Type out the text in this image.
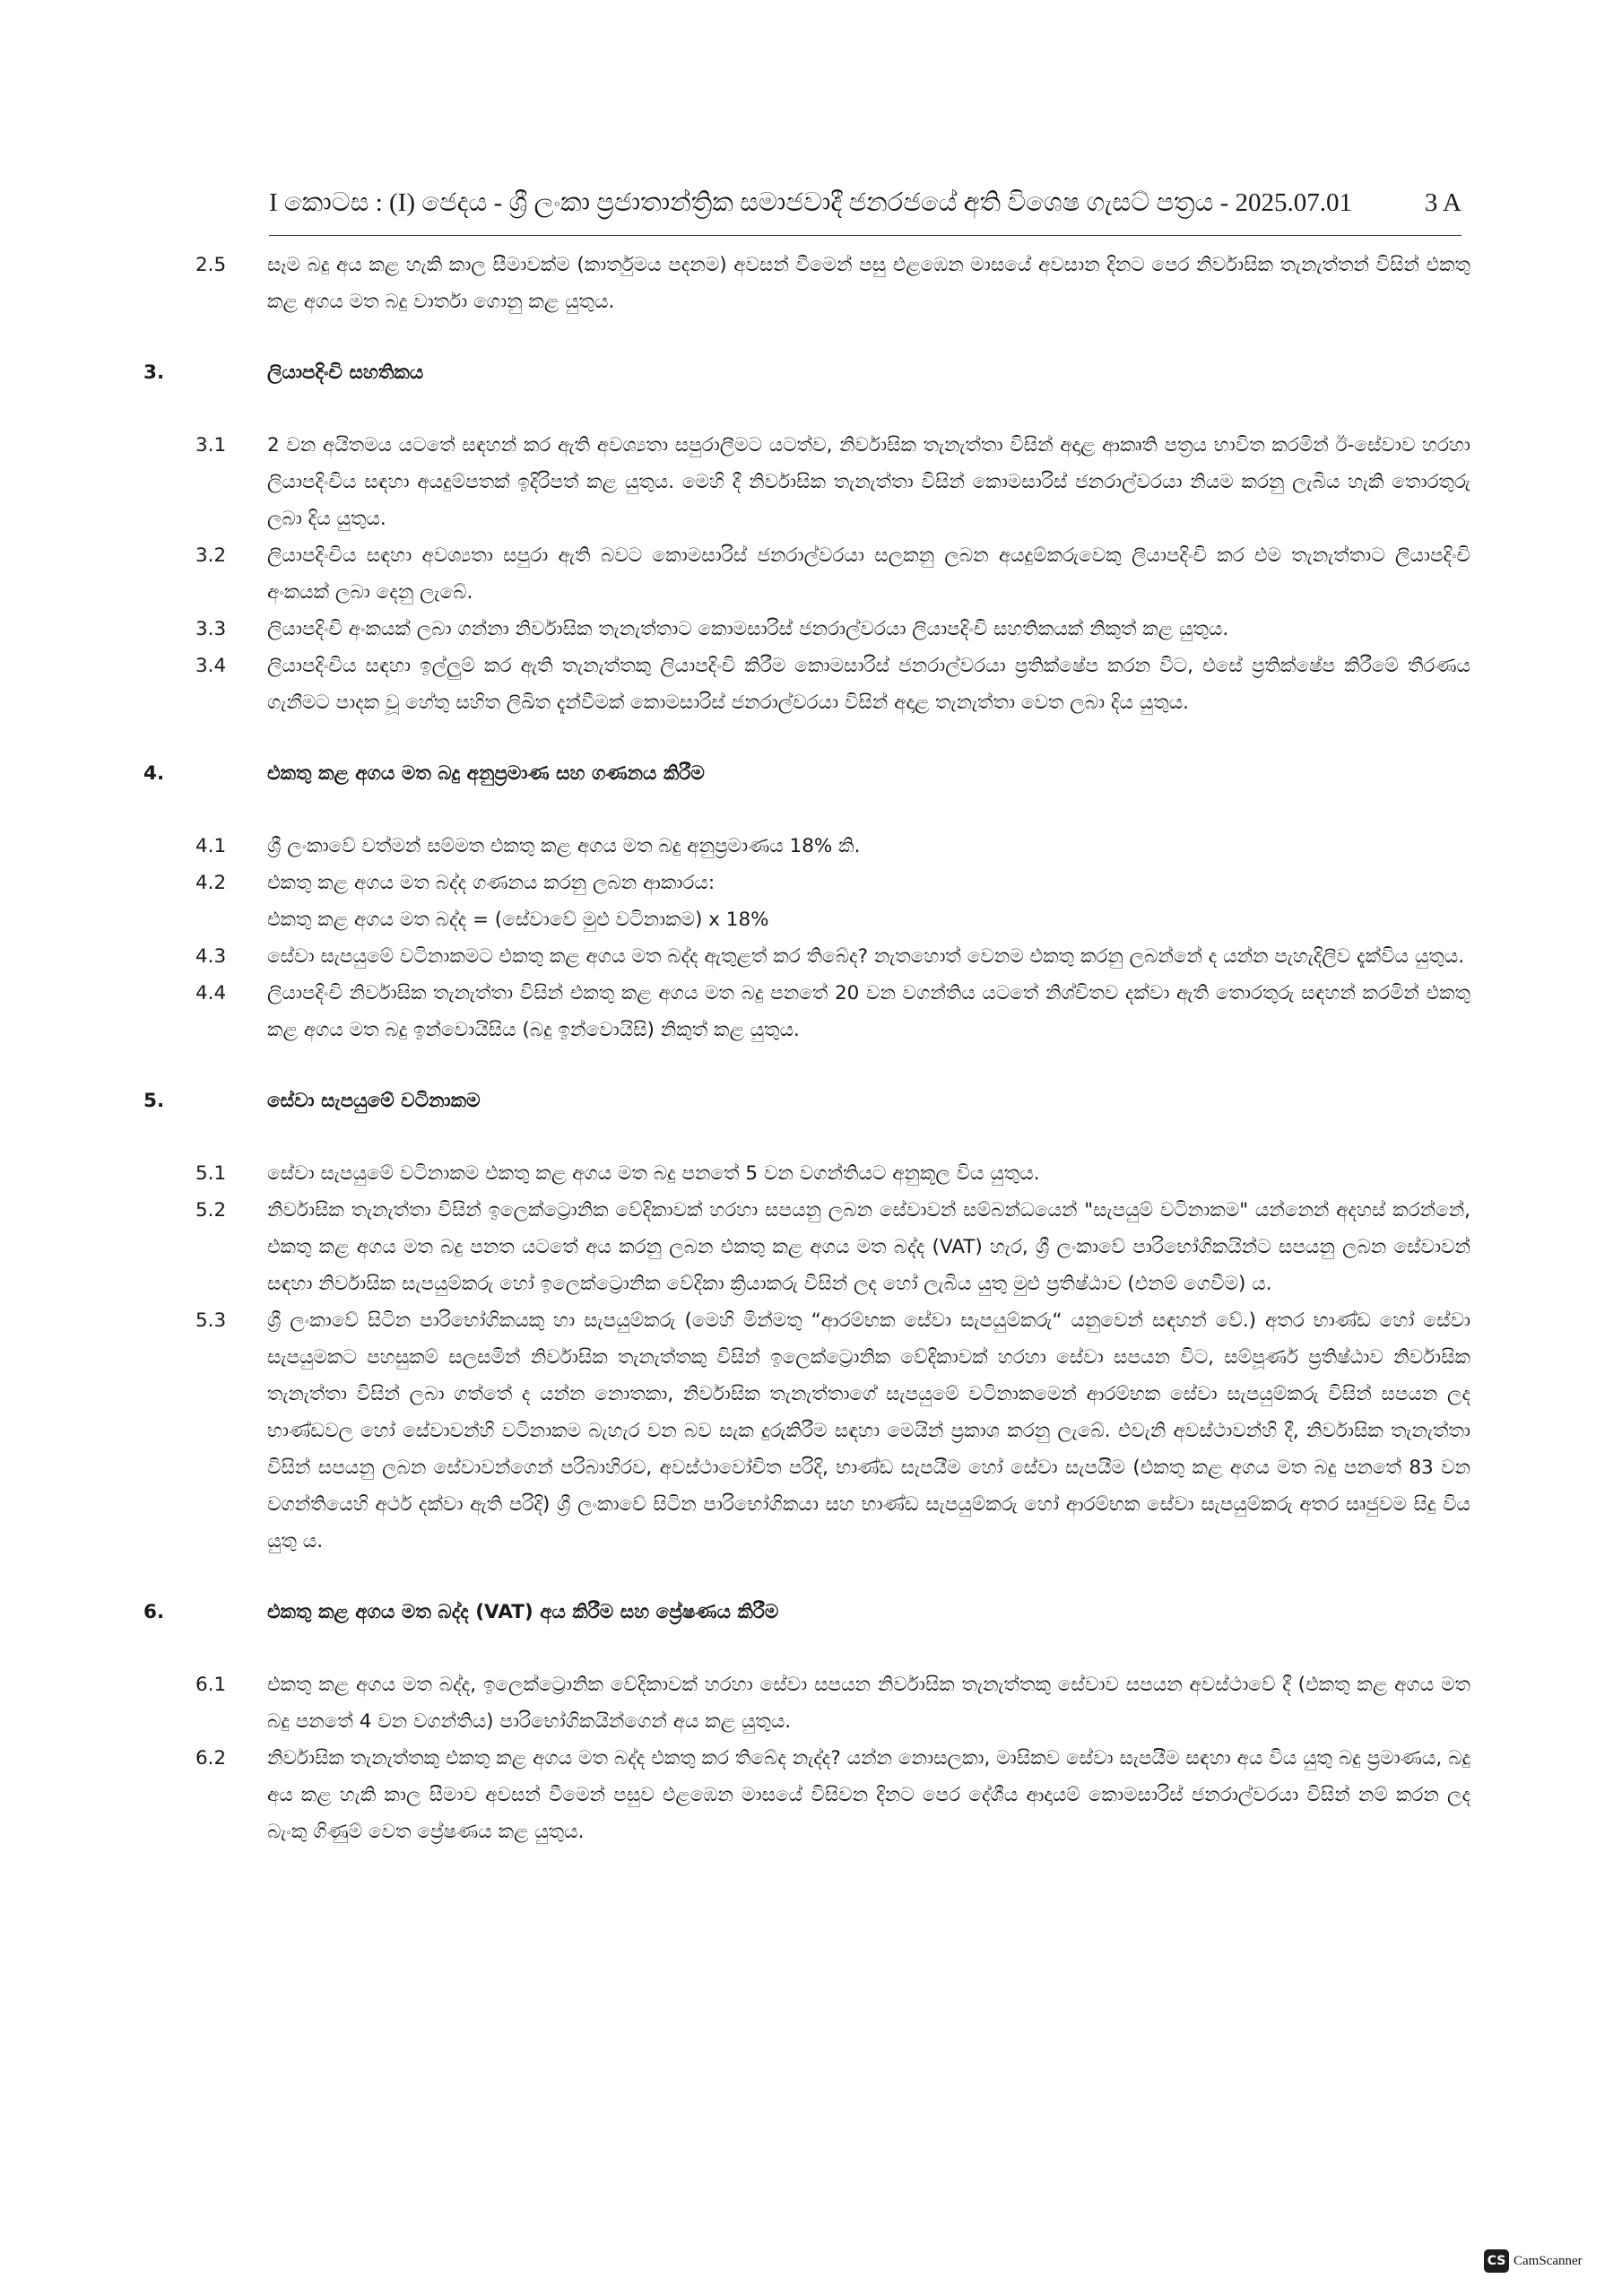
I කොටස : (I) ජෙදය - ශ්‍රී ලංකා ප්‍රජාතාන්ත්‍රික සමාජවාදී ජනරජයේ අති විශෙෂ ගැසට් පත්‍රය - 2025.07.01	3 A
2.5	සෑම බදු අය කළ හැකි කාල සීමාවක්ම (කාර්තුමය පදනම) අවසන් වීමෙන් පසු එළඹෙන මාසයේ අවසාන දිනට පෙර නිර්වාසික තැනැත්තන් විසින් එකතු කළ අගය මත බදු වාර්තා ගොනු කළ යුතුය.
3.	ලියාපදිංචි සහතිකය
3.1	2 වන අයිතමය යටතේ සඳහන් කර ඇති අවශ්‍යතා සපුරාලීමට යටත්ව, නිර්වාසික තැනැත්තා විසින් අදාළ ආකෘති පත්‍රය භාවිත කරමින් ඊ-සේවාව හරහා ලියාපදිංචිය සඳහා අයදුම්පතක් ඉදිරිපත් කළ යුතුය. මෙහි දී නිර්වාසික තැනැත්තා විසින් කොමසාරිස් ජනරාල්වරයා නියම කරනු ලැබිය හැකි තොරතුරු ලබා දිය යුතුය.
3.2	ලියාපදිංචිය සඳහා අවශ්‍යතා සපුරා ඇති බවට කොමසාරිස් ජනරාල්වරයා සලකනු ලබන අයදුම්කරුවෙකු ලියාපදිංචි කර එම තැනැත්තාට ලියාපදිංචි අංකයක් ලබා දෙනු ලැබේ.
3.3	ලියාපදිංචි අංකයක් ලබා ගන්නා නිර්වාසික තැනැත්තාට කොමසාරිස් ජනරාල්වරයා ලියාපදිංචි සහතිකයක් නිකුත් කළ යුතුය.
3.4	ලියාපදිංචිය සඳහා ඉල්ලුම් කර ඇති තැනැත්තකු ලියාපදිංචි කිරීම කොමසාරිස් ජනරාල්වරයා ප්‍රතික්ෂේප කරන විට, එසේ ප්‍රතික්ෂේප කිරීමේ තීරණය ගැනීමට පාදක වූ හේතු සහිත ලිඛිත දැන්වීමක් කොමසාරිස් ජනරාල්වරයා විසින් අදාළ තැනැත්තා වෙත ලබා දිය යුතුය.
4.	එකතු කළ අගය මත බදු අනුප්‍රමාණ සහ ගණනය කිරීම
4.1	ශ්‍රී ලංකාවේ වත්මන් සම්මත එකතු කළ අගය මත බදු අනුප්‍රමාණය 18% කි.
4.2	එකතු කළ අගය මත බද්ද ගණනය කරනු ලබන ආකාරය:
එකතු කළ අගය මත බද්ද = (සේවාවේ මුළු වටිනාකම) x 18%
4.3	සේවා සැපයුමේ වටිනාකමට එකතු කළ අගය මත බද්ද ඇතුළත් කර තිබේද? නැතහොත් වෙනම එකතු කරනු ලබන්නේ ද යන්න පැහැදිලිව දැක්විය යුතුය.
4.4	ලියාපදිංචි නිර්වාසික තැනැත්තා විසින් එකතු කළ අගය මත බදු පනතේ 20 වන වගන්තිය යටතේ නිශ්චිතව දක්වා ඇති තොරතුරු සඳහන් කරමින් එකතු කළ අගය මත බදු ඉන්වොයිසිය (බදු ඉන්වොයිසි) නිකුත් කළ යුතුය.
5.	සේවා සැපයුමේ වටිනාකම
5.1	සේවා සැපයුමේ වටිනාකම එකතු කළ අගය මත බදු පනතේ 5 වන වගන්තියට අනුකූල විය යුතුය.
5.2	නිර්වාසික තැනැත්තා විසින් ඉලෙක්ට්‍රොනික වේදිකාවක් හරහා සපයනු ලබන සේවාවන් සම්බන්ධයෙන් "සැපයුම් වටිනාකම" යන්නෙන් අදහස් කරන්නේ, එකතු කළ අගය මත බදු පනත යටතේ අය කරනු ලබන එකතු කළ අගය මත බද්ද (VAT) හැර, ශ්‍රී ලංකාවේ පාරිභෝගිකයින්ට සපයනු ලබන සේවාවන් සඳහා නිර්වාසික සැපයුම්කරු හෝ ඉලෙක්ට්‍රොනික වේදිකා ක්‍රියාකරු විසින් ලද හෝ ලැබිය යුතු මුළු ප්‍රතිෂ්ඨාව (එනම් ගෙවීම) ය.
5.3	ශ්‍රී ලංකාවේ සිටින පාරිභෝගිකයකු හා සැපයුම්කරු (මෙහි මින්මතු “ආරම්භක සේවා සැපයුම්කරු“ යනුවෙන් සඳහන් වේ.) අතර භාණ්ඩ හෝ සේවා සැපයුමකට පහසුකම් සලසමින් නිර්වාසික තැනැත්තකු විසින් ඉලෙක්ට්‍රොනික වේදිකාවක් හරහා සේවා සපයන විට, සම්පූර්ණ ප්‍රතිෂ්ඨාව නිර්වාසික තැනැත්තා විසින් ලබා ගත්තේ ද යන්න නොතකා, නිර්වාසික තැනැත්තාගේ සැපයුමේ වටිනාකමෙන් ආරම්භක සේවා සැපයුම්කරු විසින් සපයන ලද භාණ්ඩවල හෝ සේවාවන්හි වටිනාකම බැහැර වන බව සැක දුරුකිරීම සඳහා මෙයින් ප්‍රකාශ කරනු ලැබේ. එවැනි අවස්ථාවන්හි දී, නිර්වාසික තැනැත්තා විසින් සපයනු ලබන සේවාවන්ගෙන් පරිබාහිරව, අවස්ථාවෝචිත පරිදි, භාණ්ඩ සැපයීම හෝ සේවා සැපයීම (එකතු කළ අගය මත බදු පනතේ 83 වන වගන්තියෙහි අර්ථ දක්වා ඇති පරිදි) ශ්‍රී ලංකාවේ සිටින පාරිභෝගිකයා සහ භාණ්ඩ සැපයුම්කරු හෝ ආරම්භක සේවා සැපයුම්කරු අතර සෘජුවම සිදු විය යුතු ය.
6.	එකතු කළ අගය මත බද්ද (VAT) අය කිරීම සහ ප්‍රේෂණය කිරීම
6.1	එකතු කළ අගය මත බද්ද, ඉලෙක්ට්‍රොනික වේදිකාවක් හරහා සේවා සපයන නිර්වාසික තැනැත්තකු සේවාව සපයන අවස්ථාවේ දී (එකතු කළ අගය මත බදු පනතේ 4 වන වගන්තිය) පාරිභෝගිකයින්ගෙන් අය කළ යුතුය.
6.2	නිර්වාසික තැනැත්තකු එකතු කළ අගය මත බද්ද එකතු කර තිබේද නැද්ද? යන්න නොසලකා, මාසිකව සේවා සැපයීම සඳහා අය විය යුතු බදු ප්‍රමාණය, බදු අය කළ හැකි කාල සීමාව අවසන් වීමෙන් පසුව එළඹෙන මාසයේ විසිවන දිනට පෙර දේශීය ආදායම් කොමසාරිස් ජනරාල්වරයා විසින් නම් කරන ලද බැංකු ගිණුම් වෙත ප්‍රේෂණය කළ යුතුය.
CS CamScanner
